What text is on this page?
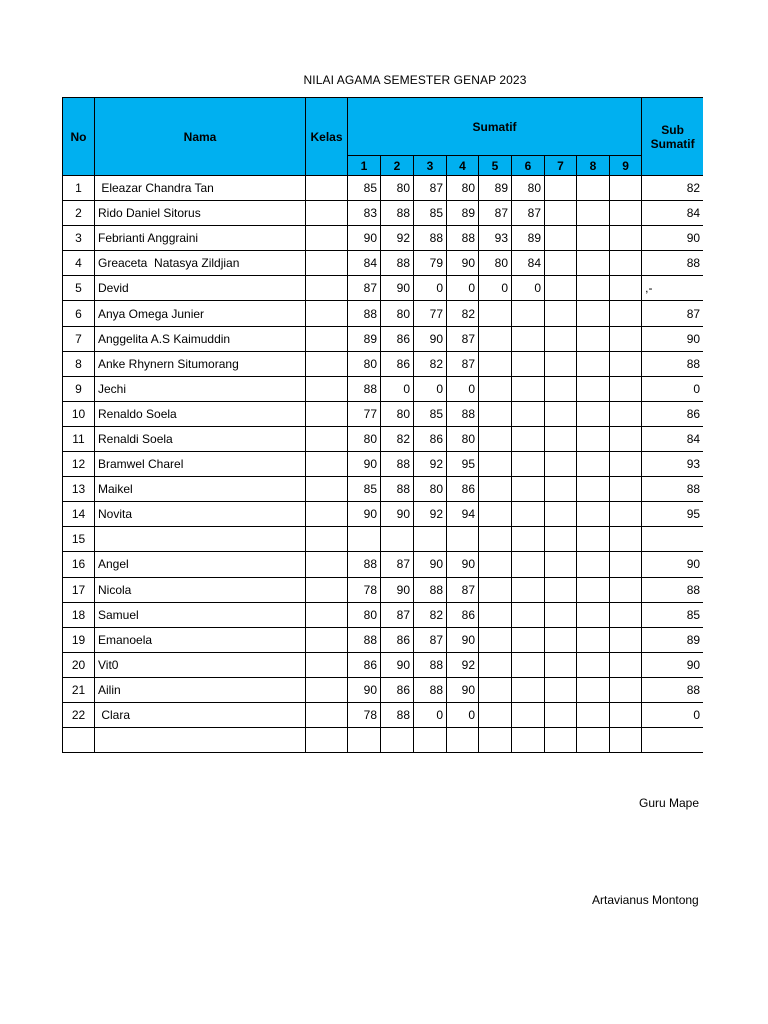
NILAI AGAMA SEMESTER GENAP 2023
No	Nama	Kelas	Sumatif									Sub
Sumatif

			1	2	3	4	5	6	7	8	9	
1	Eleazar Chandra Tan		85	80	87	80	89	80				82
2	Rido Daniel Sitorus		83	88	85	89	87	87				84
3	Febrianti Anggraini		90	92	88	88	93	89				90
4	Greaceta  Natasya Zildjian		84	88	79	90	80	84				88
5	Devid		87	90	0	0	0	0				,-
6	Anya Omega Junier		88	80	77	82						87
7	Anggelita A.S Kaimuddin		89	86	90	87						90
8	Anke Rhynern Situmorang		80	86	82	87						88
9	Jechi		88	0	0	0						0
10	Renaldo Soela		77	80	85	88						86
11	Renaldi Soela		80	82	86	80						84
12	Bramwel Charel		90	88	92	95						93
13	Maikel		85	88	80	86						88
14	Novita		90	90	92	94						95
15												
16	Angel		88	87	90	90						90
17	Nicola		78	90	88	87						88
18	Samuel		80	87	82	86						85
19	Emanoela		88	86	87	90						89
20	Vit0		86	90	88	92						90
21	Ailin		90	86	88	90						88
22	Clara		78	88	0	0						0

Guru Mape
Artavianus Montong
